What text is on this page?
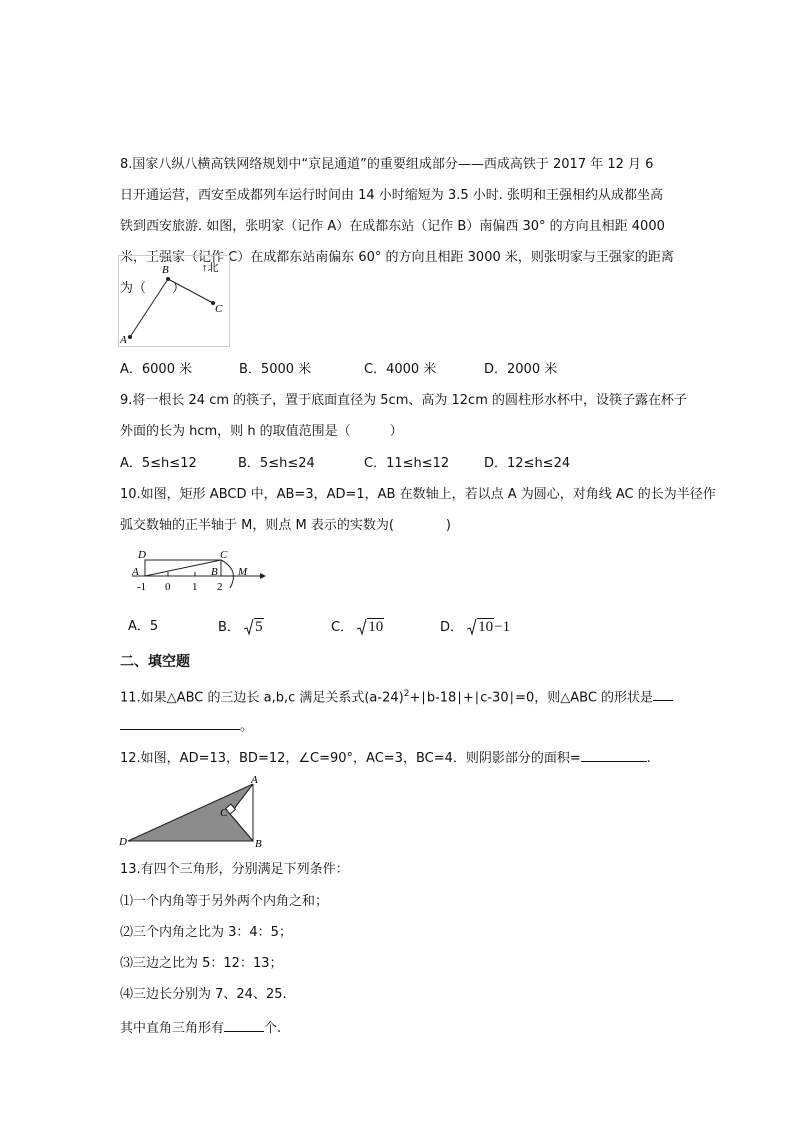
8.国家八纵八横高铁网络规划中“京昆通道”的重要组成部分——西成高铁于 2017 年 12 月 6
日开通运营，西安至成都列车运行时间由 14 小时缩短为 3.5 小时. 张明和王强相约从成都坐高
铁到西安旅游. 如图，张明家（记作 A）在成都东站（记作 B）南偏西 30° 的方向且相距 4000
米，王强家（记作 C）在成都东站南偏东 60° 的方向且相距 3000 米，则张明家与王强家的距离
为（　　）
A
B
C
↑北
A．6000 米	B．5000 米	C．4000 米	D．2000 米
9.将一根长 24 cm 的筷子，置于底面直径为 5cm、高为 12cm 的圆柱形水杯中，设筷子露在杯子
外面的长为 hcm，则 h 的取值范围是（　　　）
A．5≤h≤12	B．5≤h≤24	C．11≤h≤12	D．12≤h≤24
10.如图，矩形 ABCD 中，AB=3，AD=1，AB 在数轴上，若以点 A 为圆心，对角线 AC 的长为半径作
弧交数轴的正半轴于 M，则点 M 表示的实数为(　　　　)
D	C
A	B M
-1 0 1 2
A．5	B． 5	C． 10	D． 10−1
二、填空题
11.如果△ABC 的三边长 a,b,c 满足关系式$(a-24)^2+∣b-18∣+∣c-30∣=0$，则△ABC 的形状是
。
12.如图，AD=13，BD=12，∠C=90°，AC=3，BC=4．则阴影部分的面积=	.
A
B
C
D
13.有四个三角形，分别满足下列条件：
⑴一个内角等于另外两个内角之和；
⑵三个内角之比为 3：4：5；
⑶三边之比为 5：12：13；
⑷三边长分别为 7、24、25.
其中直角三角形有	个.
